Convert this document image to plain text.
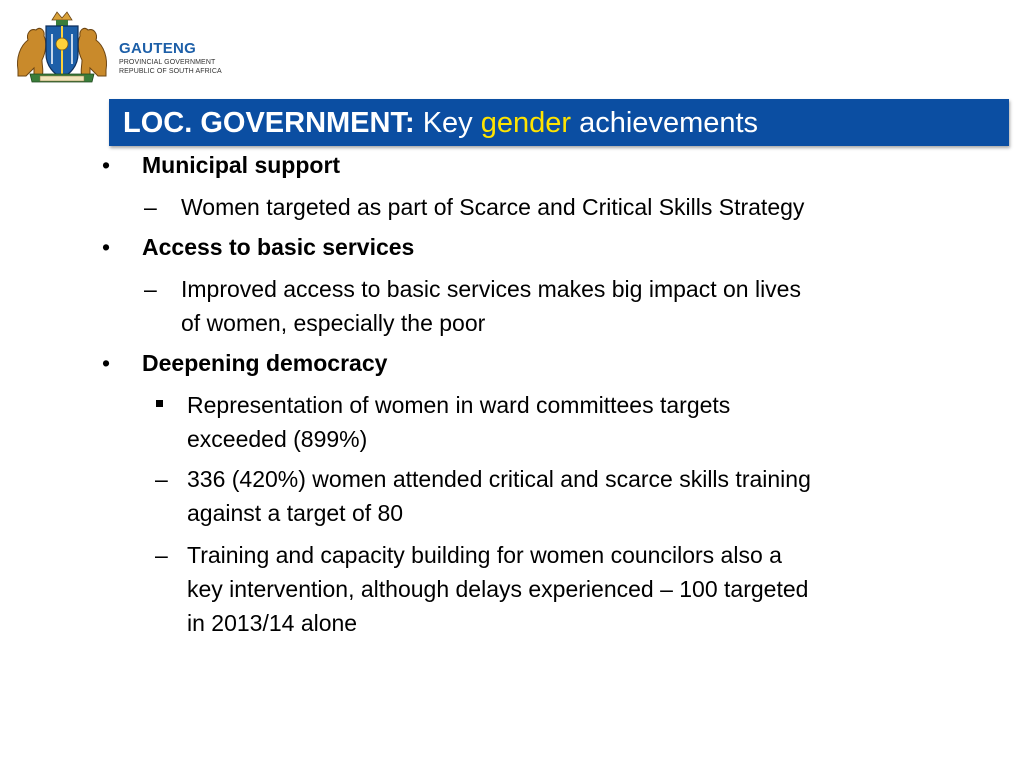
GAUTENG
PROVINCIAL GOVERNMENT
REPUBLIC OF SOUTH AFRICA
LOC. GOVERNMENT: Key gender achievements
• Municipal support
– Women targeted as part of Scarce and Critical Skills Strategy
• Access to basic services
– Improved access to basic services makes big impact on lives
of women, especially the poor
• Deepening democracy
Representation of women in ward committees targets
exceeded (899%)
– 336 (420%) women attended critical and scarce skills training
against a target of 80
– Training and capacity building for women councilors also a
key intervention, although delays experienced – 100 targeted
in 2013/14 alone
